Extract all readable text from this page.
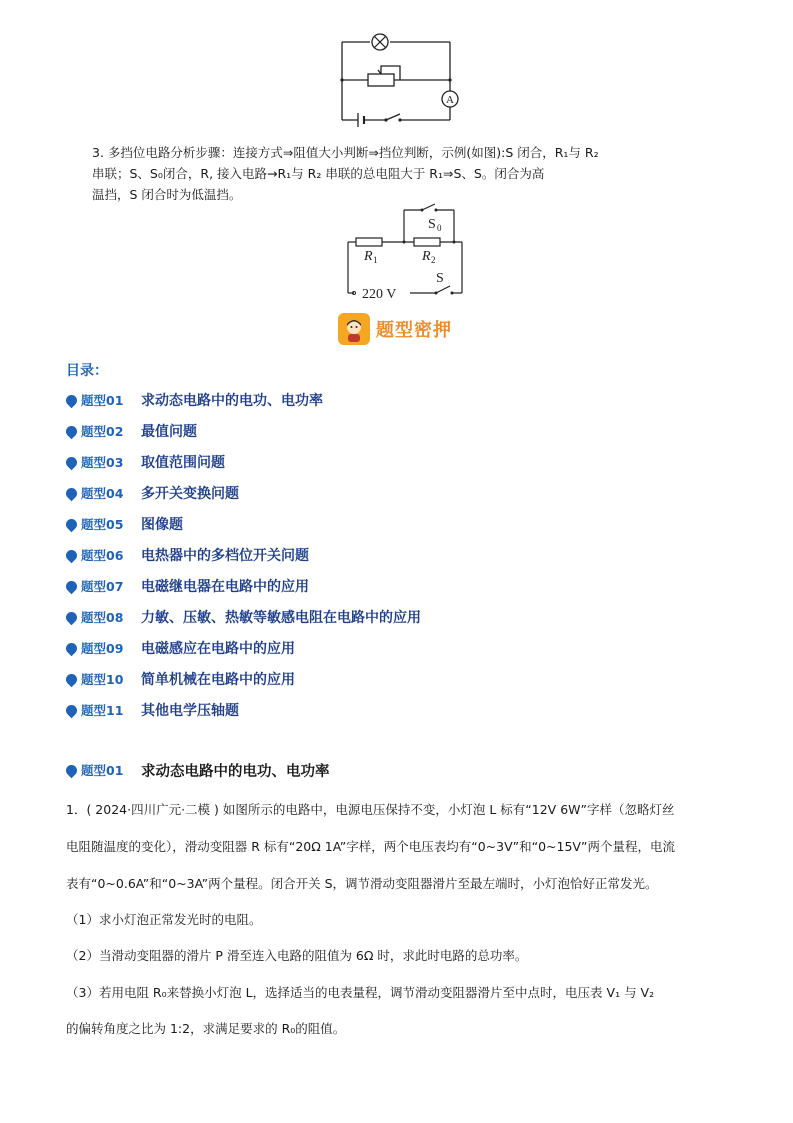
A
3. 多挡位电路分析步骤：连接方式⇒阻值大小判断⇒挡位判断，示例(如图):S 闭合，R₁与 R₂
串联；S、S₀闭合，R, 接入电路→R₁与 R₂ 串联的总电阻大于 R₁⇒S、S。闭合为高
温挡，S 闭合时为低温挡。
R 1	R 2
S 0
S
220 V
题型密押
目录：
题型01	求动态电路中的电功、电功率
题型02	最值问题
题型03	取值范围问题
题型04	多开关变换问题
题型05	图像题
题型06	电热器中的多档位开关问题
题型07	电磁继电器在电路中的应用
题型08	力敏、压敏、热敏等敏感电阻在电路中的应用
题型09	电磁感应在电路中的应用
题型10	简单机械在电路中的应用
题型11	其他电学压轴题
题型01	求动态电路中的电功、电功率
1．( 2024·四川广元·二模 ) 如图所示的电路中，电源电压保持不变，小灯泡 L 标有“12V 6W”字样（忽略灯丝
电阻随温度的变化），滑动变阻器 R 标有“20Ω 1A”字样，两个电压表均有“0~3V”和“0~15V”两个量程，电流
表有“0~0.6A”和“0~3A”两个量程。闭合开关 S，调节滑动变阻器滑片至最左端时，小灯泡恰好正常发光。
（1）求小灯泡正常发光时的电阻。
（2）当滑动变阻器的滑片 P 滑至连入电路的阻值为 6Ω 时，求此时电路的总功率。
（3）若用电阻 R₀来替换小灯泡 L，选择适当的电表量程，调节滑动变阻器滑片至中点时，电压表 V₁ 与 V₂
的偏转角度之比为 1:2，求满足要求的 R₀的阻值。
